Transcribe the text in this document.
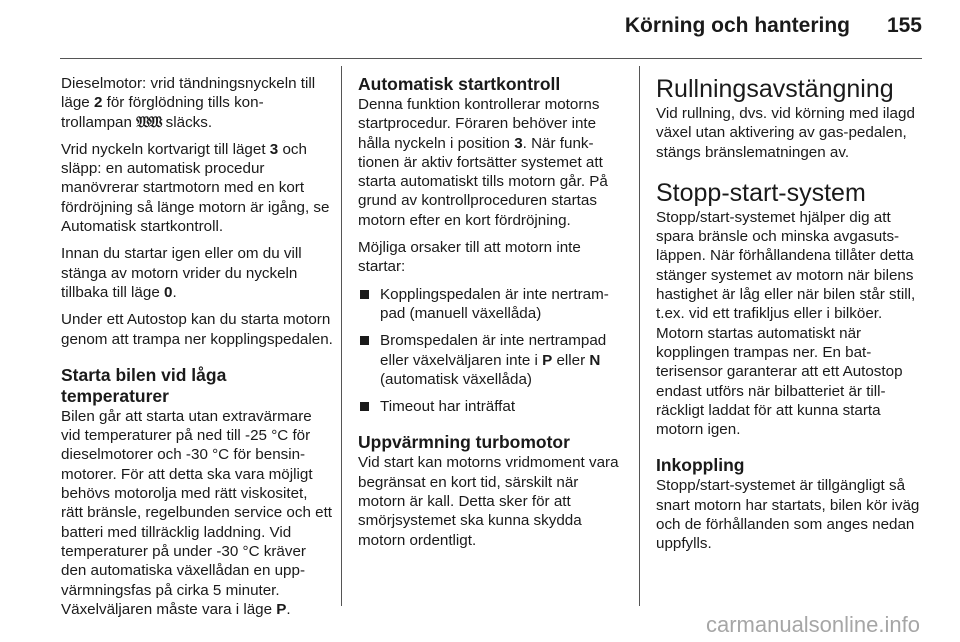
Körning och hantering 155

Dieselmotor: vrid tändningsnyckeln till läge 2 för förglödning tills kon-trollampan 𝔚𝔚 släcks.

Vrid nyckeln kortvarigt till läget 3 och släpp: en automatisk procedur manövrerar startmotorn med en kort fördröjning så länge motorn är igång, se Automatisk startkontroll.

Innan du startar igen eller om du vill stänga av motorn vrider du nyckeln tillbaka till läge 0.

Under ett Autostop kan du starta motorn genom att trampa ner kopplingspedalen.

Starta bilen vid låga temperaturer

Bilen går att starta utan extravärmare vid temperaturer på ned till -25 °C för dieselmotorer och -30 °C för bensin-motorer. För att detta ska vara möjligt behövs motorolja med rätt viskositet, rätt bränsle, regelbunden service och ett batteri med tillräcklig laddning. Vid temperaturer på under -30 °C kräver den automatiska växellådan en upp-värmningsfas på cirka 5 minuter. Växelväljaren måste vara i läge P.

Automatisk startkontroll

Denna funktion kontrollerar motorns startprocedur. Föraren behöver inte hålla nyckeln i position 3. När funk-tionen är aktiv fortsätter systemet att starta automatiskt tills motorn går. På grund av kontrollproceduren startas motorn efter en kort fördröjning.

Möjliga orsaker till att motorn inte startar:

Kopplingspedalen är inte nertram-pad (manuell växellåda)
Bromspedalen är inte nertrampad eller växelväljaren inte i P eller N (automatisk växellåda)
Timeout har inträffat
Uppvärmning turbomotor

Vid start kan motorns vridmoment vara begränsat en kort tid, särskilt när motorn är kall. Detta sker för att smörjsystemet ska kunna skydda motorn ordentligt.

Rullningsavstängning

Vid rullning, dvs. vid körning med ilagd växel utan aktivering av gas-pedalen, stängs bränslematningen av.

Stopp-start-system

Stopp/start-systemet hjälper dig att spara bränsle och minska avgasuts-läppen. När förhållandena tillåter detta stänger systemet av motorn när bilens hastighet är låg eller när bilen står still, t.ex. vid ett trafikljus eller i bilköer. Motorn startas automatiskt när kopplingen trampas ner. En bat-terisensor garanterar att ett Autostop endast utförs när bilbatteriet är till-räckligt laddat för att kunna starta motorn igen.

Inkoppling

Stopp/start-systemet är tillgängligt så snart motorn har startats, bilen kör iväg och de förhållanden som anges nedan uppfylls.

carmanualsonline.info
